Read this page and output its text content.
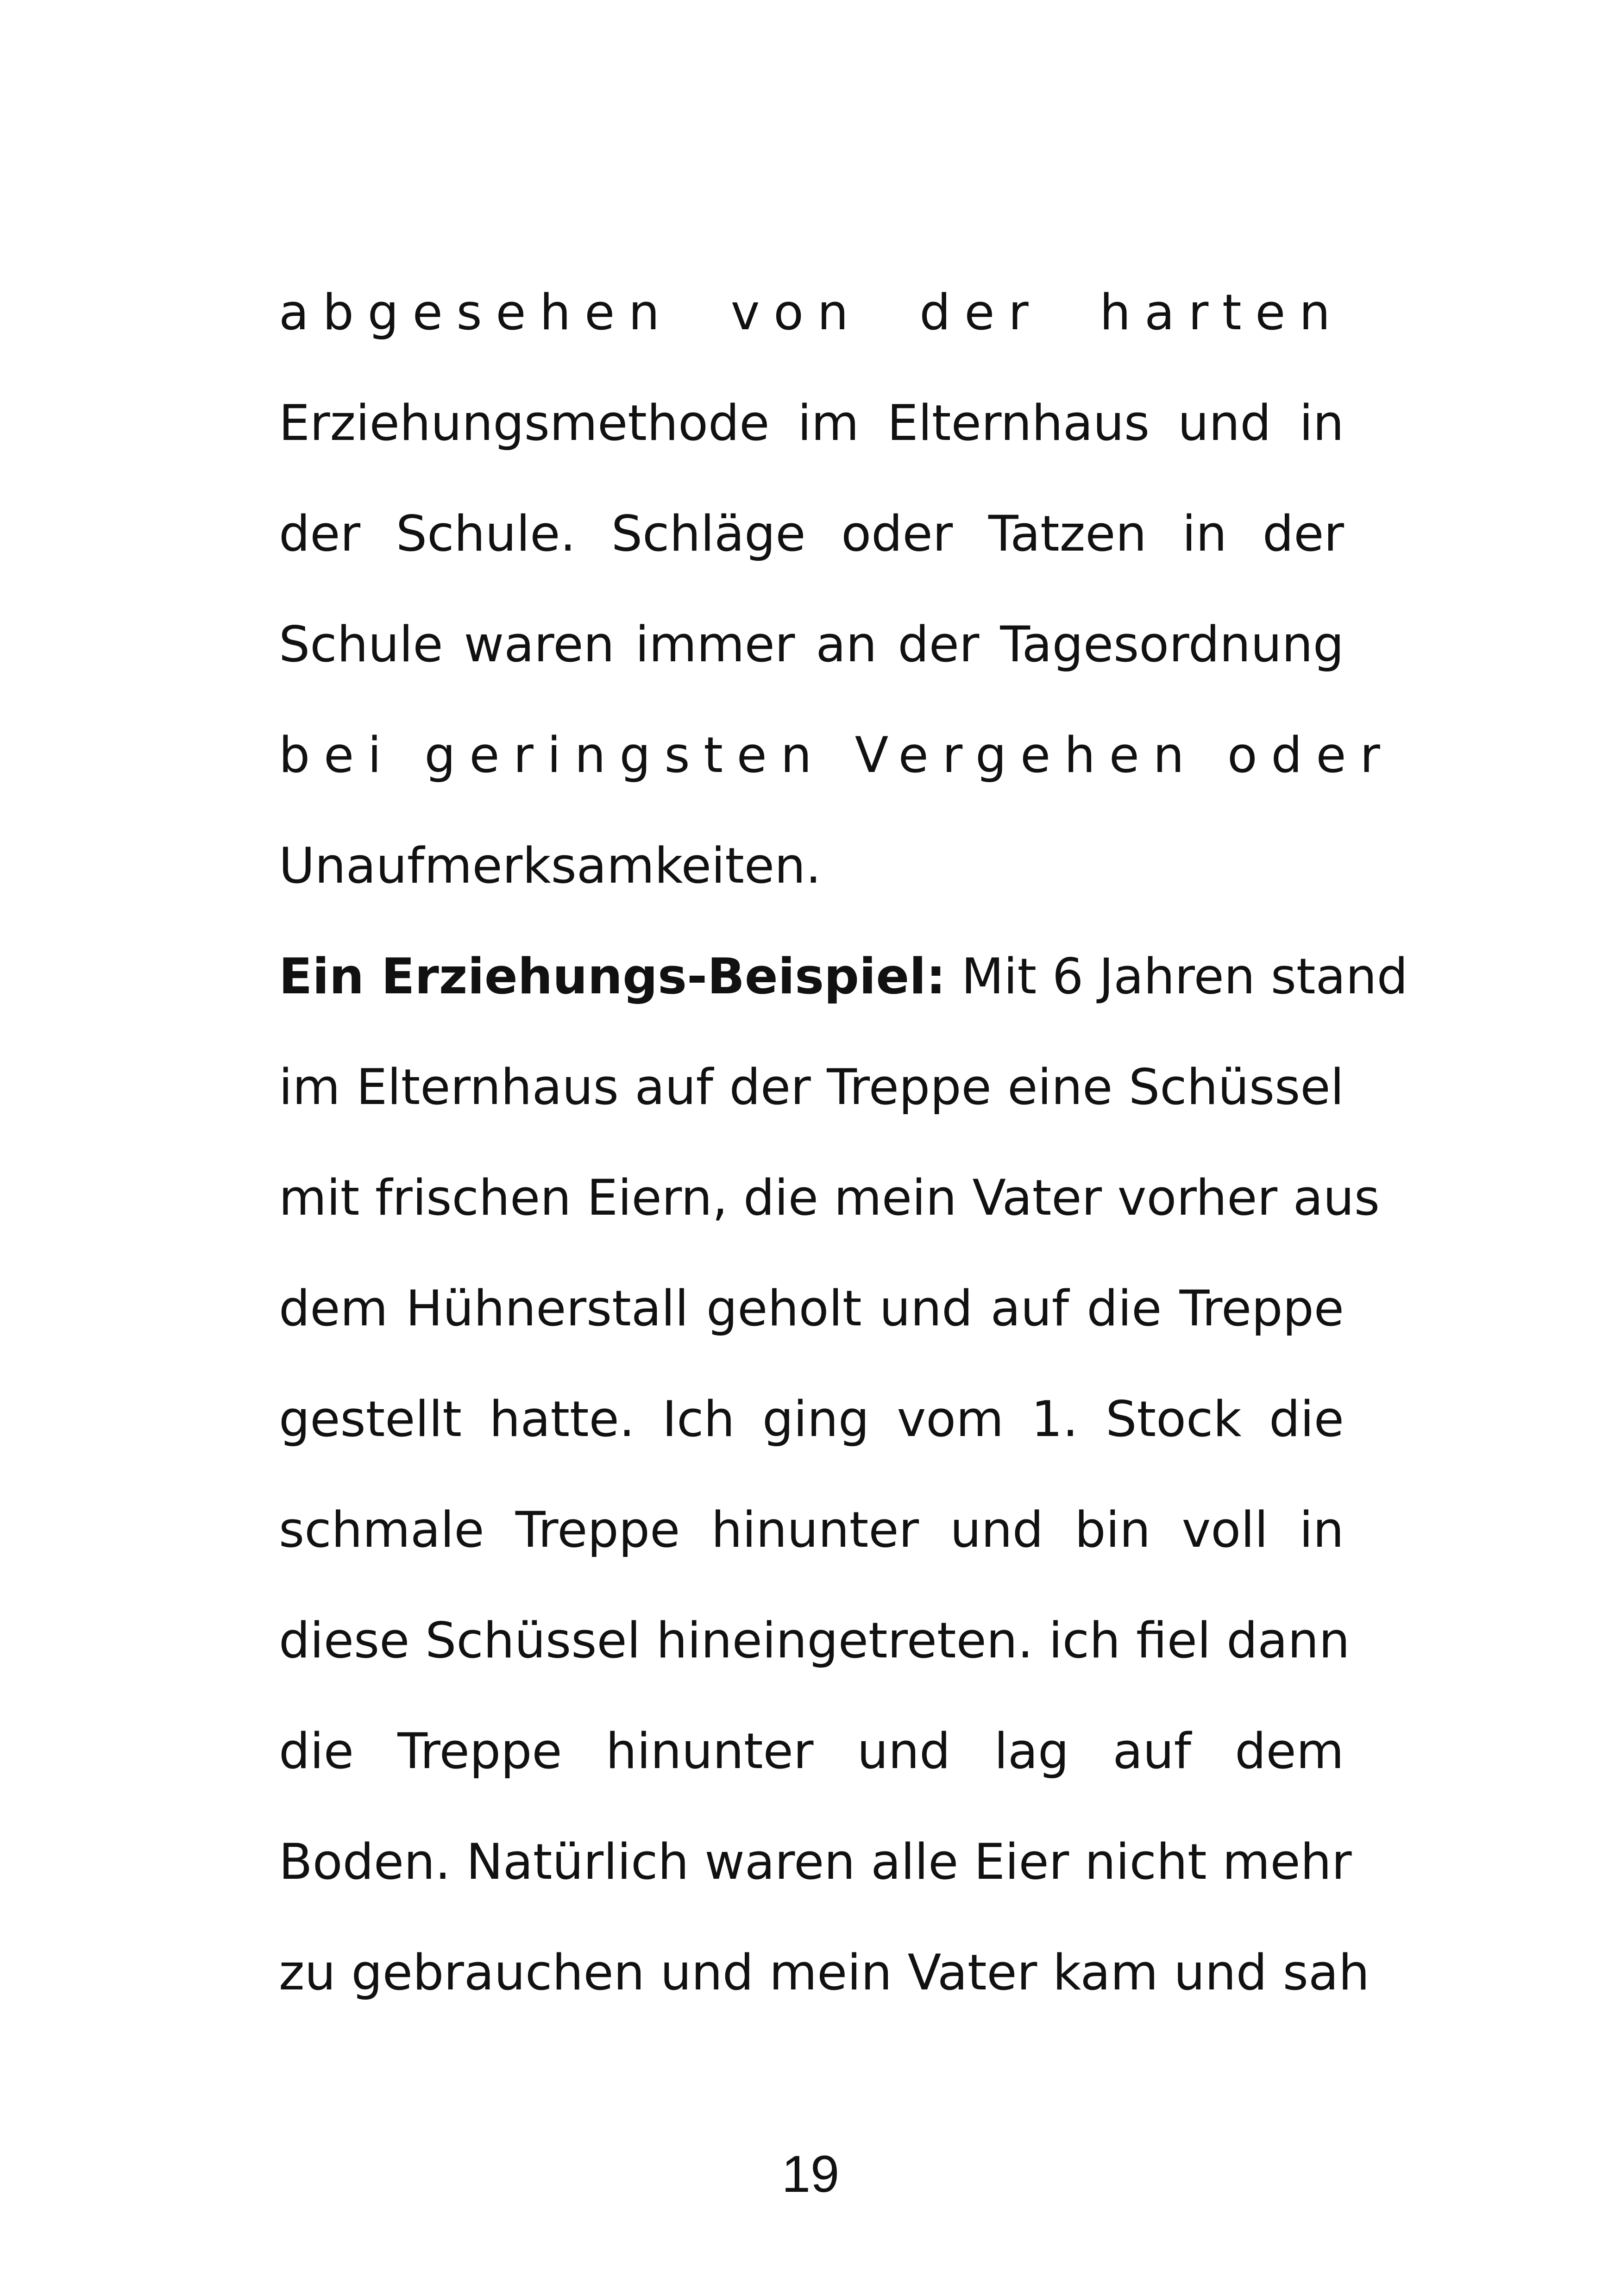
abgesehen von der harten
Erziehungsmethode im Elternhaus und in
der Schule. Schläge oder Tatzen in der
Schule waren immer an der Tagesordnung
bei geringsten Vergehen oder
Unaufmerksamkeiten.
Ein Erziehungs-Beispiel: Mit 6 Jahren stand
im Elternhaus auf der Treppe eine Schüssel
mit frischen Eiern, die mein Vater vorher aus
dem Hühnerstall geholt und auf die Treppe
gestellt hatte. Ich ging vom 1. Stock die
schmale Treppe hinunter und bin voll in
diese Schüssel hineingetreten. ich fiel dann
die Treppe hinunter und lag auf dem
Boden. Natürlich waren alle Eier nicht mehr
zu gebrauchen und mein Vater kam und sah
19
